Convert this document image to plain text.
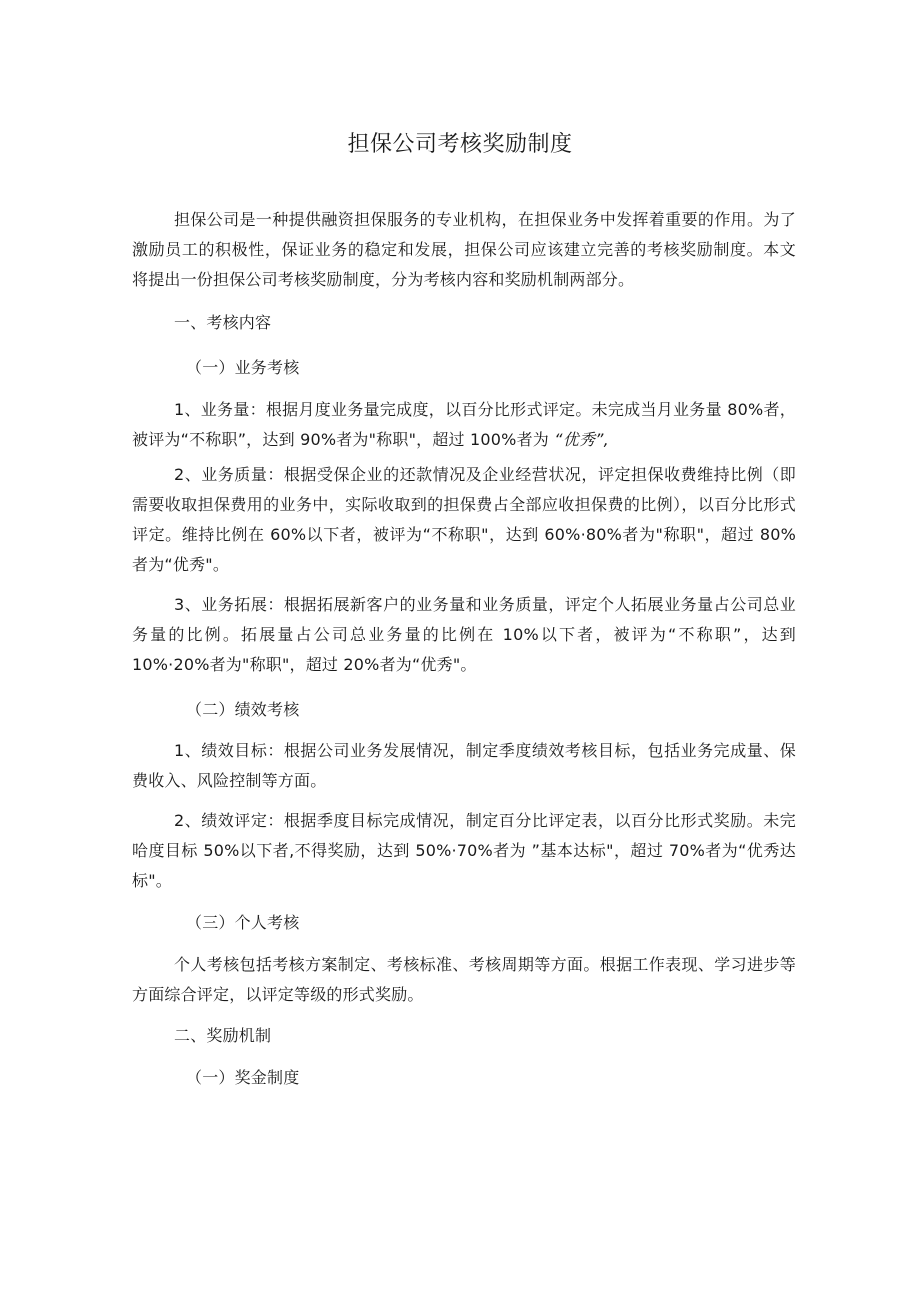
担保公司考核奖励制度

担保公司是一种提供融资担保服务的专业机构，在担保业务中发挥着重要的作用。为了激励员工的积极性，保证业务的稳定和发展，担保公司应该建立完善的考核奖励制度。本文将提出一份担保公司考核奖励制度，分为考核内容和奖励机制两部分。

一、考核内容

（一）业务考核

1、业务量：根据月度业务量完成度，以百分比形式评定。未完成当月业务量 80%者，被评为“不称职”，达到 90%者为"称职"，超过 100%者为 “优秀”,

2、业务质量：根据受保企业的还款情况及企业经营状况，评定担保收费维持比例（即需要收取担保费用的业务中，实际收取到的担保费占全部应收担保费的比例），以百分比形式评定。维持比例在 60%以下者，被评为“不称职"，达到 60%·80%者为"称职"，超过 80%者为“优秀"。

3、业务拓展：根据拓展新客户的业务量和业务质量，评定个人拓展业务量占公司总业务量的比例。拓展量占公司总业务量的比例在 10%以下者，被评为“不称职”，达到 10%·20%者为"称职"，超过 20%者为“优秀"。

（二）绩效考核

1、绩效目标：根据公司业务发展情况，制定季度绩效考核目标，包括业务完成量、保费收入、风险控制等方面。

2、绩效评定：根据季度目标完成情况，制定百分比评定表，以百分比形式奖励。未完哈度目标 50%以下者,不得奖励，达到 50%·70%者为 ”基本达标"，超过 70%者为“优秀达标"。

（三）个人考核

个人考核包括考核方案制定、考核标准、考核周期等方面。根据工作表现、学习进步等方面综合评定，以评定等级的形式奖励。

二、奖励机制

（一）奖金制度
